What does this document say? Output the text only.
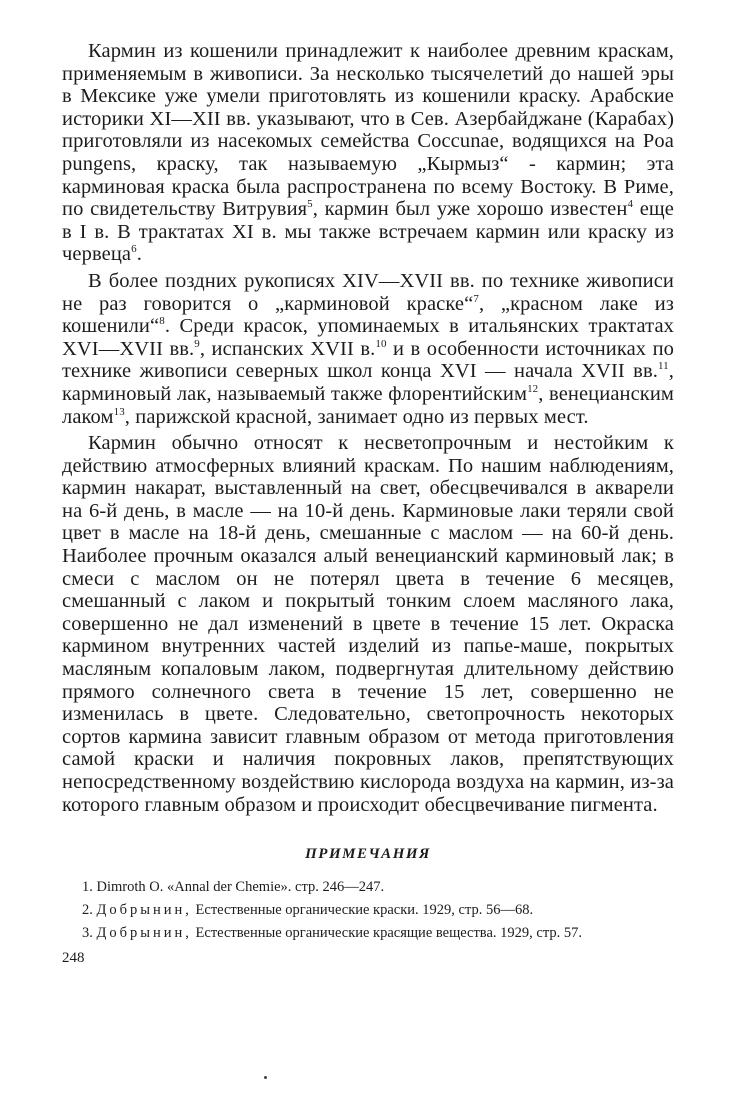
Кармин из кошенили принадлежит к наиболее древним краскам, применяемым в живописи. За несколько тысячелетий до нашей эры в Мексике уже умели приготовлять из кошенили краску. Арабские историки XI—XII вв. указывают, что в Сев. Азербайджане (Карабах) приготовляли из насекомых семейства Coccunae, водящихся на Poa pungens, краску, так называемую „Кырмыз“ - кармин; эта карминовая краска была распространена по всему Востоку. В Риме, по свидетельству Витрувия$^5$, кармин был уже хорошо известен$^4$ еще в I в. В трактатах XI в. мы также встречаем кармин или краску из червеца$^6$.

В более поздних рукописях XIV—XVII вв. по технике живописи не раз говорится о „карминовой краске“$^7$, „красном лаке из кошенили“$^8$. Среди красок, упоминаемых в итальянских трактатах XVI—XVII вв.$^9$, испанских XVII в.$^{10}$ и в особенности источниках по технике живописи северных школ конца XVI — начала XVII вв.$^{11}$, карминовый лак, называемый также флорентийским$^{12}$, венецианским лаком$^{13}$, парижской красной, занимает одно из первых мест.

Кармин обычно относят к несветопрочным и нестойким к действию атмосферных влияний краскам. По нашим наблюдениям, кармин накарат, выставленный на свет, обесцвечивался в акварели на 6-й день, в масле — на 10-й день. Карминовые лаки теряли свой цвет в масле на 18-й день, смешанные с маслом — на 60-й день. Наиболее прочным оказался алый венецианский карминовый лак; в смеси с маслом он не потерял цвета в течение 6 месяцев, смешанный с лаком и покрытый тонким слоем масляного лака, совершенно не дал изменений в цвете в течение 15 лет. Окраска кармином внутренних частей изделий из папье-маше, покрытых масляным копаловым лаком, подвергнутая длительному действию прямого солнечного света в течение 15 лет, совершенно не изменилась в цвете. Следовательно, светопрочность некоторых сортов кармина зависит главным образом от метода приготовления самой краски и наличия покровных лаков, препятствующих непосредственному воздействию кислорода воздуха на кармин, из-за которого главным образом и происходит обесцвечивание пигмента.

ПРИМЕЧАНИЯ
1. Dimroth O. «Annal der Chemie». стр. 246—247.
2. Добрынин, Естественные органические краски. 1929, стр. 56—68.
3. Добрынин, Естественные органические красящие вещества. 1929, стр. 57.
248
